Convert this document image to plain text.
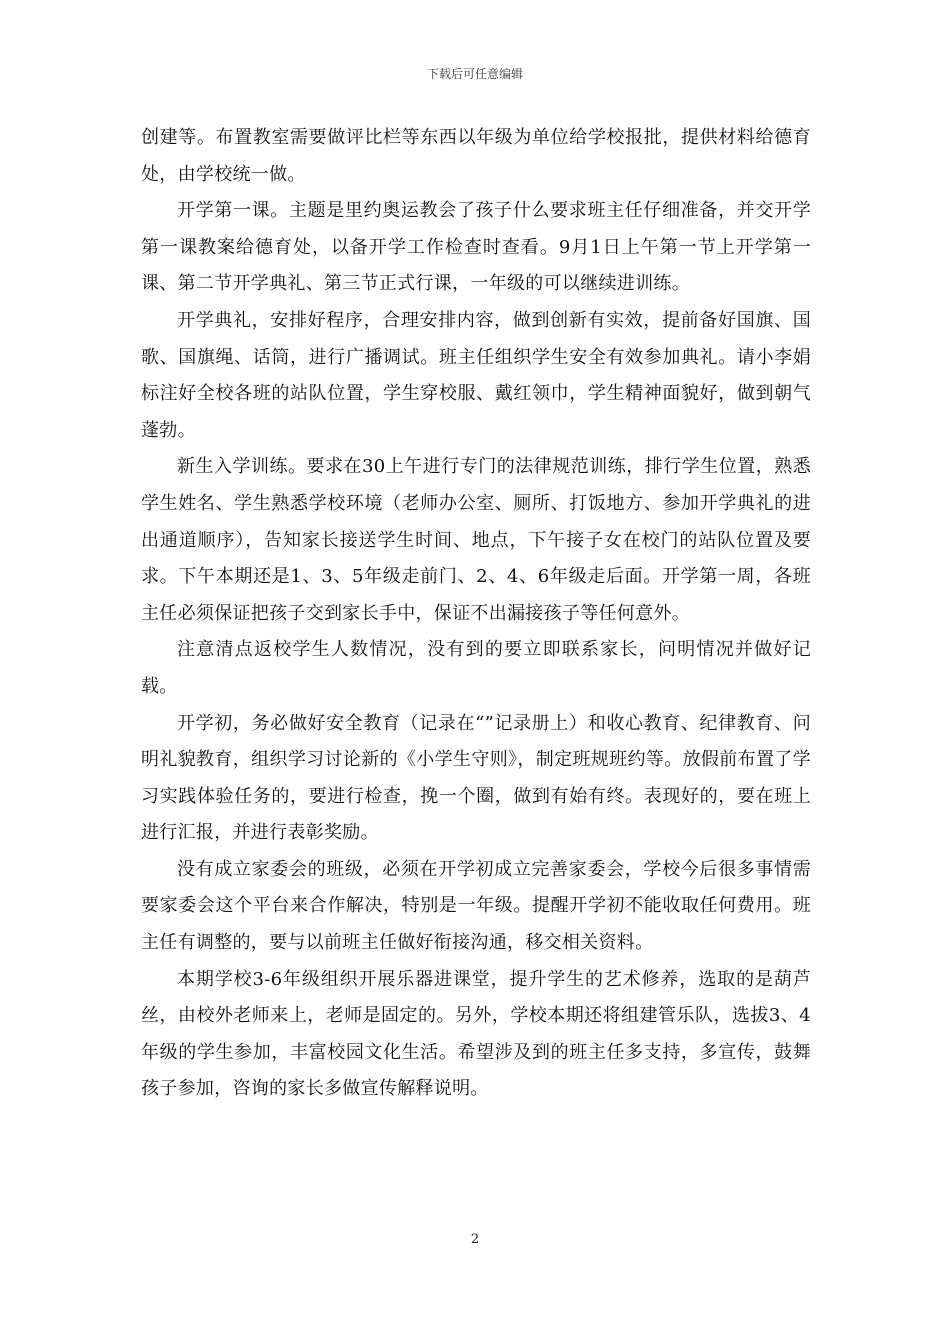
下载后可任意编辑

创建等。布置教室需要做评比栏等东西以年级为单位给学校报批，提供材料给德育处，由学校统一做。

开学第一课。主题是里约奥运教会了孩子什么要求班主任仔细准备，并交开学第一课教案给德育处，以备开学工作检查时查看。9月1日上午第一节上开学第一课、第二节开学典礼、第三节正式行课，一年级的可以继续进训练。

开学典礼，安排好程序，合理安排内容，做到创新有实效，提前备好国旗、国歌、国旗绳、话筒，进行广播调试。班主任组织学生安全有效参加典礼。请小李娟标注好全校各班的站队位置，学生穿校服、戴红领巾，学生精神面貌好，做到朝气蓬勃。

新生入学训练。要求在30上午进行专门的法律规范训练，排行学生位置，熟悉学生姓名、学生熟悉学校环境（老师办公室、厕所、打饭地方、参加开学典礼的进出通道顺序），告知家长接送学生时间、地点，下午接子女在校门的站队位置及要求。下午本期还是1、3、5年级走前门、2、4、6年级走后面。开学第一周，各班主任必须保证把孩子交到家长手中，保证不出漏接孩子等任何意外。

注意清点返校学生人数情况，没有到的要立即联系家长，问明情况并做好记载。

开学初，务必做好安全教育（记录在“”记录册上）和收心教育、纪律教育、问明礼貌教育，组织学习讨论新的《小学生守则》，制定班规班约等。放假前布置了学习实践体验任务的，要进行检查，挽一个圈，做到有始有终。表现好的，要在班上进行汇报，并进行表彰奖励。

没有成立家委会的班级，必须在开学初成立完善家委会，学校今后很多事情需要家委会这个平台来合作解决，特别是一年级。提醒开学初不能收取任何费用。班主任有调整的，要与以前班主任做好衔接沟通，移交相关资料。

本期学校3-6年级组织开展乐器进课堂，提升学生的艺术修养，选取的是葫芦丝，由校外老师来上，老师是固定的。另外，学校本期还将组建管乐队，选拔3、4年级的学生参加，丰富校园文化生活。希望涉及到的班主任多支持，多宣传，鼓舞孩子参加，咨询的家长多做宣传解释说明。

2
